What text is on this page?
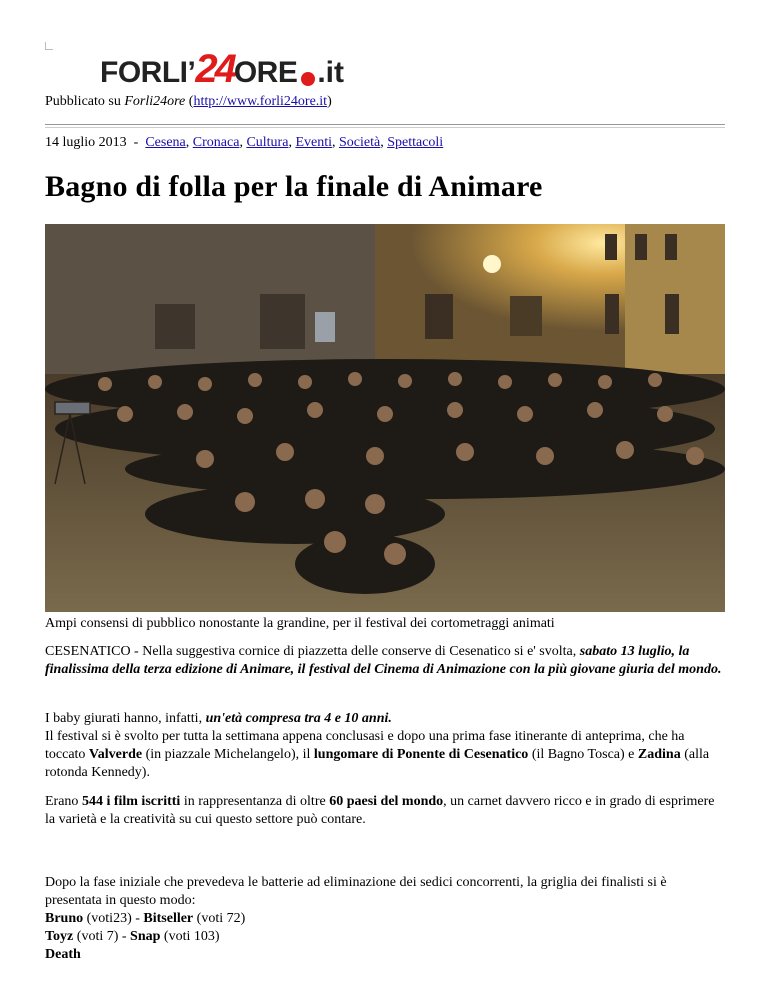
FORLI’24ORE .it
Pubblicato su Forli24ore (http://www.forli24ore.it)
14 luglio 2013 - Cesena, Cronaca, Cultura, Eventi, Società, Spettacoli
Bagno di folla per la finale di Animare
Ampi consensi di pubblico nonostante la grandine, per il festival dei cortometraggi animati

CESENATICO - Nella suggestiva cornice di piazzetta delle conserve di Cesenatico si e' svolta, sabato 13 luglio, la finalissima della terza edizione di Animare, il festival del Cinema di Animazione con la più giovane giuria del mondo.

I baby giurati hanno, infatti, un'età compresa tra 4 e 10 anni.
Il festival si è svolto per tutta la settimana appena conclusasi e dopo una prima fase itinerante di anteprima, che ha toccato Valverde (in piazzale Michelangelo), il lungomare di Ponente di Cesenatico (il Bagno Tosca) e Zadina (alla rotonda Kennedy).

Erano 544 i film iscritti in rappresentanza di oltre 60 paesi del mondo, un carnet davvero ricco e in grado di esprimere la varietà e la creatività su cui questo settore può contare.

Dopo la fase iniziale che prevedeva le batterie ad eliminazione dei sedici concorrenti, la griglia dei finalisti si è presentata in questo modo:
Bruno (voti23) - Bitseller (voti 72)
Toyz (voti 7) - Snap (voti 103)
Death
